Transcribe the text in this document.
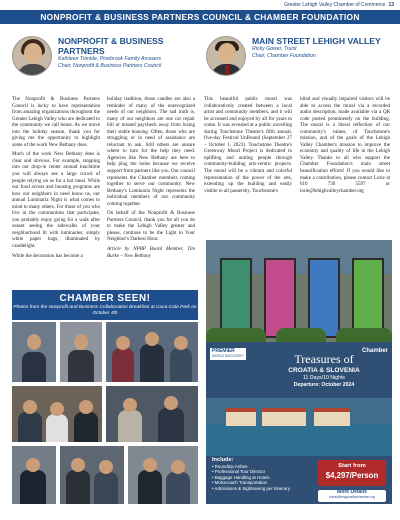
Greater Lehigh Valley Chamber of Commerce 13
NONPROFIT & BUSINESS PARTNERS COUNCIL & CHAMBER FOUNDATION
NONPROFIT & BUSINESS PARTNERS
Kathleen Trimble, Pinebrook Family Answers
Chair, Nonprofit & Business Partners Council
MAIN STREET LEHIGH VALLEY
Ricky Gower, Truist
Chair, Chamber Foundation

The Nonprofit & Business Partners Council is lucky to have representation from amazing organizations throughout the Greater Lehigh Valley who are dedicated to the community we call home. As we move into the holiday season, thank you for giving me the opportunity to highlight some of the work New Bethany does.

Much of the work New Bethany does is clear and obvious. For example, stopping into our drop-in center around lunchtime you will always see a large crowd of people relying on us for a hot meal. While our food access and housing programs are how our neighbors in need know us, our annual Luminaria Night is what comes to mind to many others. For those of you who live in the communities that participate, you probably enjoy going for a walk after sunset seeing the sidewalks of your neighborhood lit with luminaries; simply white paper bags, illuminated by candlelight.

While the decoration has become a

holiday tradition, those candles are also a reminder of many of the unrecognized needs of our neighbors. The sad truth is, many of our neighbors are one car repair bill or missed paycheck away from losing their stable housing. Often, those who are struggling or in need of assistance are reluctant to ask. Still others are unsure where to turn for the help they need. Agencies like New Bethany are here to help plug the holes because we receive support from partners like you. Our council represents the Chamber members coming together to serve our community. New Bethany's Luminaria Night represents the individual members of our community coming together.

On behalf of the Nonprofit & Business Partners Council, thank you for all you do to make the Lehigh Valley greater and please, continue to be the Light in Your Neighbor's Darkest Hour.

Article by NPBP Board Member, Tim Burke – New Bethany

This beautiful public mural was collaboratively created between a local artist and community members, and it will be accessed and enjoyed by all for years to come. It was revealed at a public unveiling during Touchstone Theatre's fifth annual, five-day Festival UnBound (September 27 – October 1, 2023). Touchstone Theatre's Greenway Mural Project is dedicated to uplifting and uniting people through community-building arts-centric projects. The mural will be a vibrant and colorful representation of the power of the arts, extending up the building and easily visible to all passersby. Touchstone's

blind and visually impaired visitors will be able to access the mural via a recorded audio description, made available via a QR code posted prominently on the building. The mural is a literal reflection of our community's values, of Touchstone's mission, and of the goals of the Lehigh Valley Chamber's mission to improve the economy and quality of life in the Lehigh Valley. Thanks to all who support the Chamber Foundation's main street beautification efforts! If you would like to make a contribution, please contact Lorie at 610 739 5597 or lorie@lehighvalleychamber.org

CHAMBER SEEN!
Photos from the Nonprofit and Business Collaboration Breakfast at Coca-Cola Park on October 4th
PREMIER
WORLD DISCOVERY
Chamber
Treasures of
CROATIA & SLOVENIA
11 Days/10 Nights
Departure: October 2024
Include:
• Roundtrip Airfare
• Professional Tour Director
• Baggage Handling at Hotels
• Motorcoach Transportation
• Admissions & Sightseeing per Itinerary
Start from
$4,297/Person
More Details
travel@lehighvalleychamber.org
